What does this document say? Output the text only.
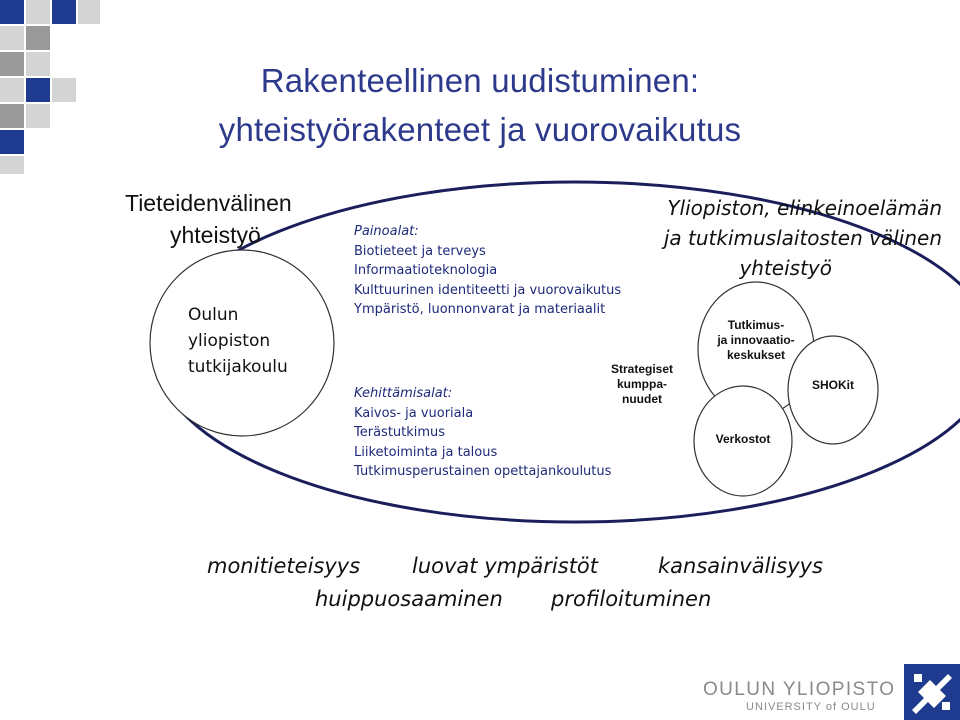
Rakenteellinen uudistuminen:
yhteistyörakenteet ja vuorovaikutus
Tieteidenvälinen
yhteistyö
Oulun
yliopiston
tutkijakoulu
Yliopiston, elinkeinoelämän
ja tutkimuslaitosten välinen
yhteistyö
Painoalat:
Biotieteet ja terveys
Informaatioteknologia
Kulttuurinen identiteetti ja vuorovaikutus
Ympäristö, luonnonvarat ja materiaalit
Kehittämisalat:
Kaivos- ja vuoriala
Terästutkimus
Liiketoiminta ja talous
Tutkimusperustainen opettajankoulutus
Strategiset
kumppa-
nuudet
Tutkimus-
ja innovaatio-
keskukset
SHOKit
Verkostot
monitieteisyys luovat ympäristöt	kansainvälisyys
huippuosaaminen profiloituminen
OULUN YLIOPISTO
UNIVERSITY of OULU
